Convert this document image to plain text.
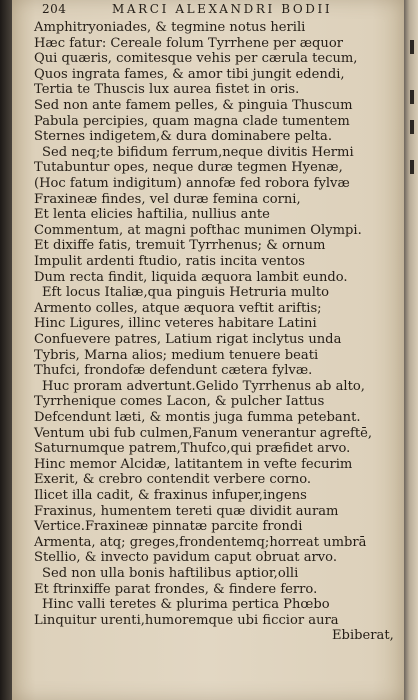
204	MARCI ALEXANDRI BODII
Amphitryoniades, & tegmine notus herili
Hæc fatur: Cereale folum Tyrrhene per æquor
Qui quæris, comitesque vehis per cærula tecum,
Quos ingrata fames, & amor tibi jungit edendi,
Tertia te Thuscis lux aurea fistet in oris.
Sed non ante famem pelles, & pinguia Thuscum
Pabula percipies, quam magna clade tumentem
Sternes indigetem,& dura dominabere pelta.
Sed neq;te bifidum ferrum,neque divitis Hermi
Tutabuntur opes, neque duræ tegmen Hyenæ,
(Hoc fatum indigitum) annofæ fed robora fylvæ
Fraxineæ findes, vel duræ femina corni,
Et lenta elicies haftilia, nullius ante
Commentum, at magni pofthac munimen Olympi.
Et dixiffe fatis, tremuit Tyrrhenus; & ornum
Impulit ardenti ftudio, ratis incita ventos
Dum recta findit, liquida æquora lambit eundo.
Eft locus Italiæ,qua pinguis Hetruria multo
Armento colles, atque æquora veftit ariftis;
Hinc Ligures, illinc veteres habitare Latini
Confuevere patres, Latium rigat inclytus unda
Tybris, Marna alios; medium tenuere beati
Thufci, frondofæ defendunt cætera fylvæ.
Huc proram advertunt.Gelido Tyrrhenus ab alto,
Tyrrhenique comes Lacon, & pulcher Iattus
Defcendunt læti, & montis juga fumma petebant.
Ventum ubi fub culmen,Fanum venerantur agreftē,
Saturnumque patrem,Thufco,qui præfidet arvo.
Hinc memor Alcidæ, latitantem in vefte fecurim
Exerit, & crebro contendit verbere corno.
Ilicet illa cadit, & fraxinus infuper,ingens
Fraxinus, humentem tereti quæ dividit auram
Vertice.Fraxineæ pinnatæ parcite frondi
Armenta, atq; greges,frondentemq;horreat umbrā
Stellio, & invecto pavidum caput obruat arvo.
Sed non ulla bonis haftilibus aptior,olli
Et ftrinxiffe parat frondes, & findere ferro.
Hinc valli teretes & plurima pertica Phœbo
Linquitur urenti,humoremque ubi ficcior aura
Ebiberat,
